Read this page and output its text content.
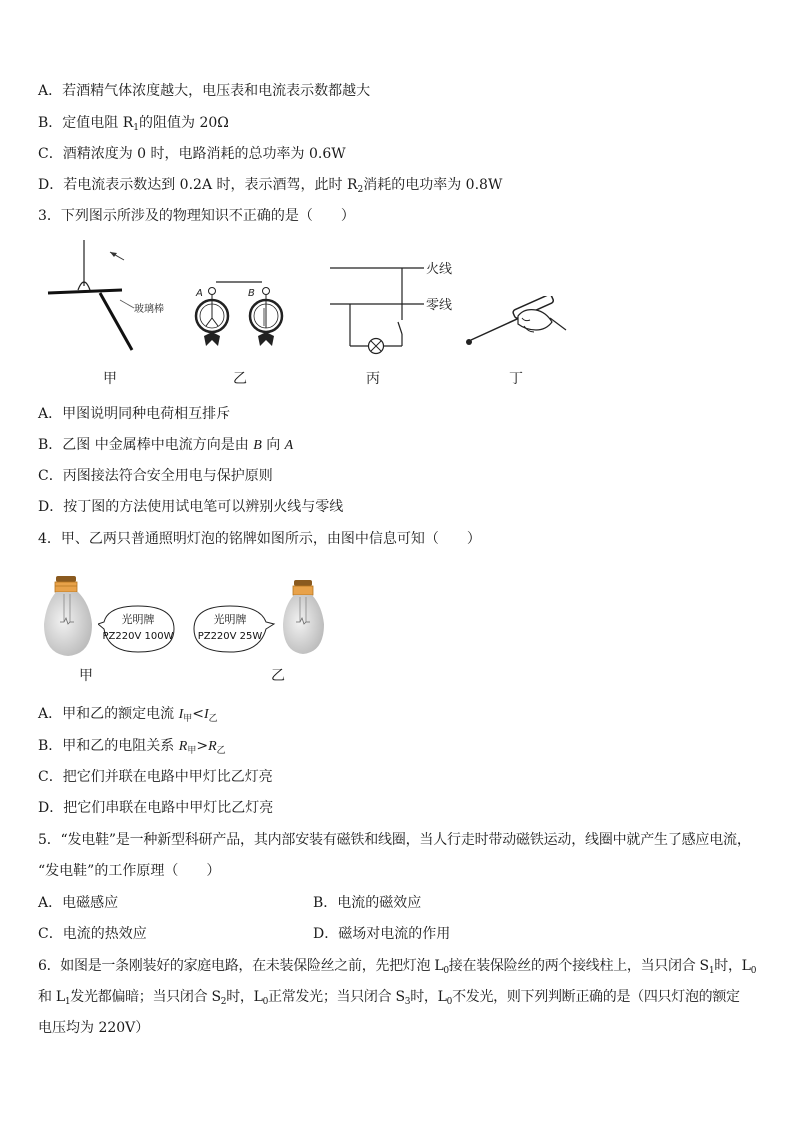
A．若酒精气体浓度越大，电压表和电流表示数都越大
B．定值电阻 $R_1$的阻值为 20Ω
C．酒精浓度为 0 时，电路消耗的总功率为 0.6W
D．若电流表示数达到 0.2A 时，表示酒驾，此时 $R_2$消耗的电功率为 0.8W
3．下列图示所涉及的物理知识不正确的是（　　）
玻璃棒
A	B
火线
零线
甲	乙	丙	丁
A．甲图说明同种电荷相互排斥
B．乙图 中金属棒中电流方向是由 B 向 A
C．丙图接法符合安全用电与保护原则
D．按丁图的方法使用试电笔可以辨别火线与零线
4．甲、乙两只普通照明灯泡的铭牌如图所示，由图中信息可知（　　）
光明牌
PZ220V 100W
光明牌
PZ220V 25W
甲	乙
A．甲和乙的额定电流 $I_甲<I_乙$
B．甲和乙的电阻关系 $R_甲>R_乙$
C．把它们并联在电路中甲灯比乙灯亮
D．把它们串联在电路中甲灯比乙灯亮
5．“发电鞋”是一种新型科研产品，其内部安装有磁铁和线圈，当人行走时带动磁铁运动，线圈中就产生了感应电流，
“发电鞋”的工作原理（　　）
A．电磁感应	B．电流的磁效应
C．电流的热效应	D．磁场对电流的作用
6．如图是一条刚装好的家庭电路，在未装保险丝之前，先把灯泡 $L_0$接在装保险丝的两个接线柱上，当只闭合 $S_1$时，$L_0$
和 $L_1$发光都偏暗；当只闭合 $S_2$时，$L_0$正常发光；当只闭合 $S_3$时，$L_0$不发光，则下列判断正确的是（四只灯泡的额定
电压均为 220V）
